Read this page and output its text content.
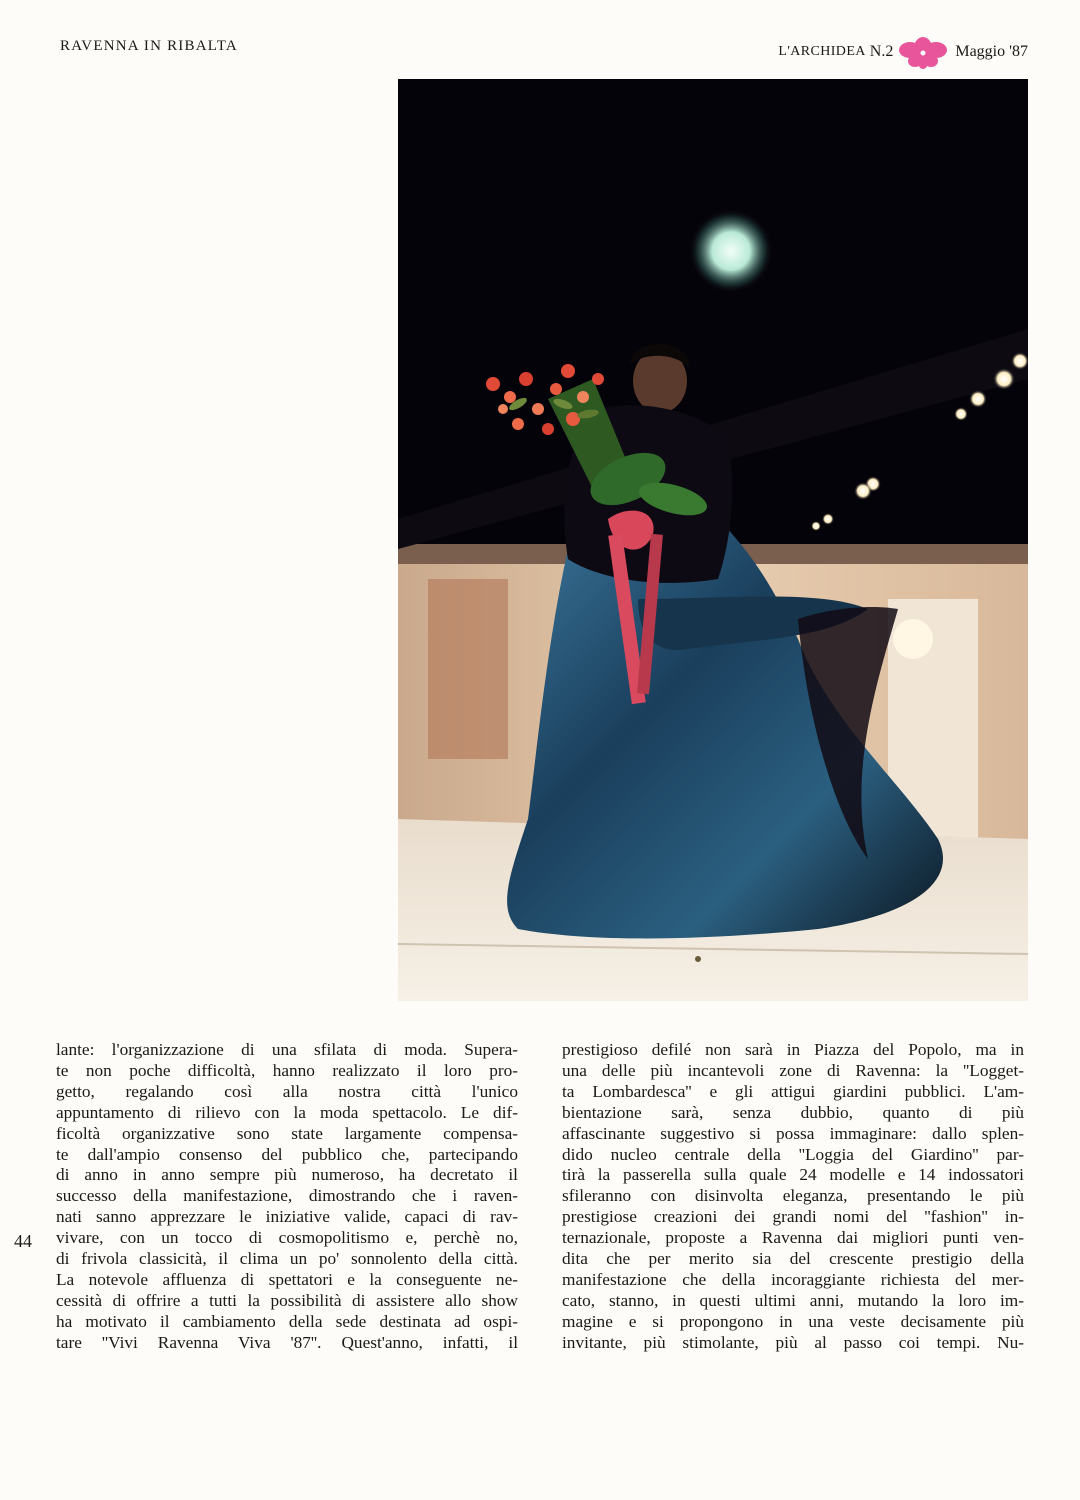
RAVENNA IN RIBALTA	L'ARCHIDEA N.2	Maggio '87
lante: l'organizzazione di una sfilata di moda. Supera-
te non poche difficoltà, hanno realizzato il loro pro-
getto, regalando così alla nostra città l'unico
appuntamento di rilievo con la moda spettacolo. Le dif-
ficoltà organizzative sono state largamente compensa-
te dall'ampio consenso del pubblico che, partecipando
di anno in anno sempre più numeroso, ha decretato il
successo della manifestazione, dimostrando che i raven-
nati sanno apprezzare le iniziative valide, capaci di rav-
vivare, con un tocco di cosmopolitismo e, perchè no,
di frivola classicità, il clima un po' sonnolento della città.
La notevole affluenza di spettatori e la conseguente ne-
cessità di offrire a tutti la possibilità di assistere allo show
ha motivato il cambiamento della sede destinata ad ospi-
tare ''Vivi Ravenna Viva '87''. Quest'anno, infatti, il
prestigioso defilé non sarà in Piazza del Popolo, ma in
una delle più incantevoli zone di Ravenna: la ''Logget-
ta Lombardesca'' e gli attigui giardini pubblici. L'am-
bientazione sarà, senza dubbio, quanto di più
affascinante suggestivo si possa immaginare: dallo splen-
dido nucleo centrale della ''Loggia del Giardino'' par-
tirà la passerella sulla quale 24 modelle e 14 indossatori
sfileranno con disinvolta eleganza, presentando le più
prestigiose creazioni dei grandi nomi del ''fashion'' in-
ternazionale, proposte a Ravenna dai migliori punti ven-
dita che per merito sia del crescente prestigio della
manifestazione che della incoraggiante richiesta del mer-
cato, stanno, in questi ultimi anni, mutando la loro im-
magine e si propongono in una veste decisamente più
invitante, più stimolante, più al passo coi tempi. Nu-
44
